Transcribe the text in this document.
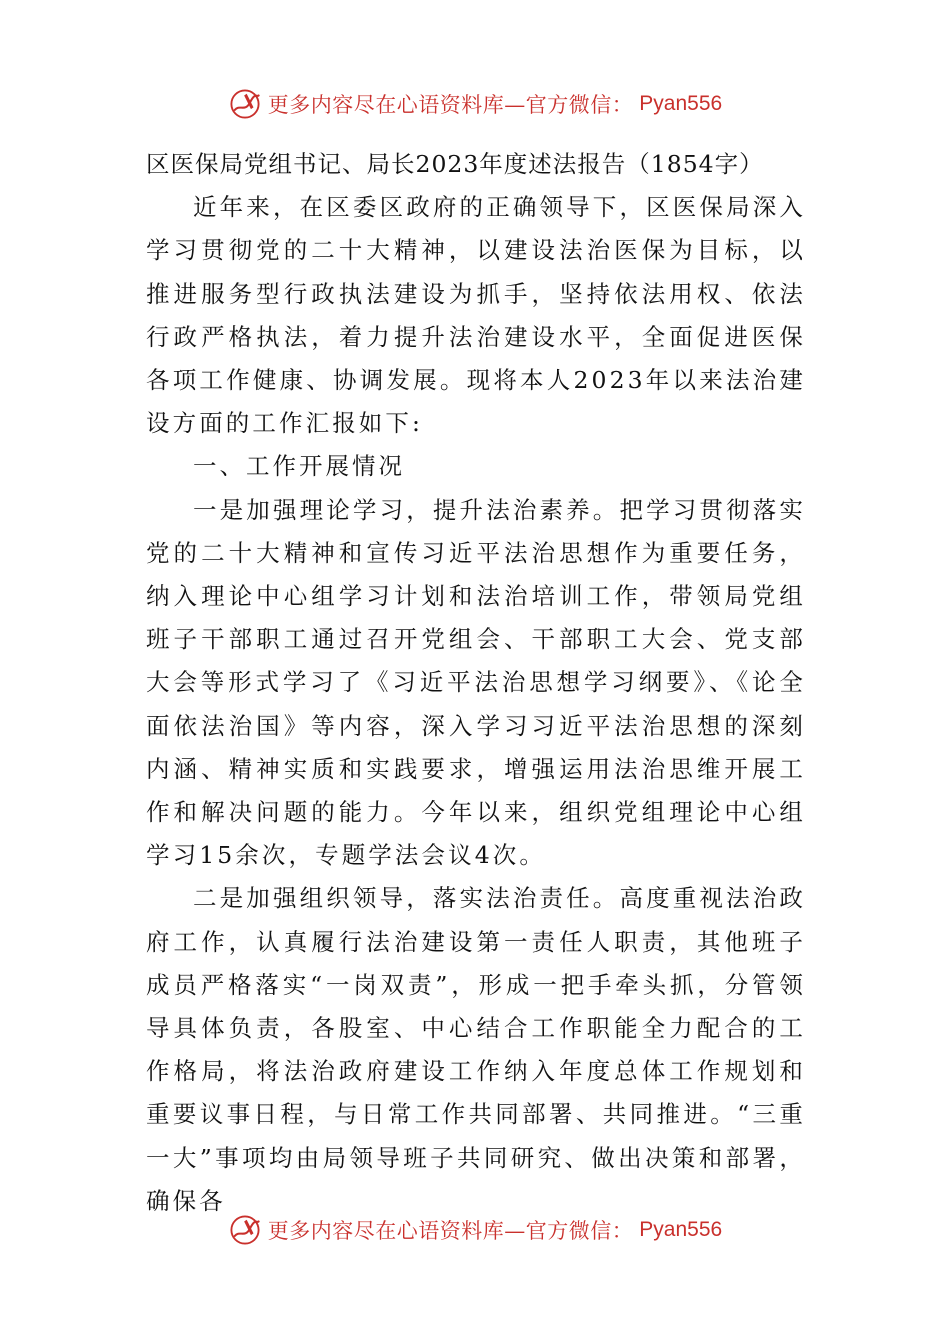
更多内容尽在心语资料库—官方微信： Pyan556
区医保局党组书记、局长2023年度述法报告（1854字）

近年来，在区委区政府的正确领导下，区医保局深入学习贯彻党的二十大精神，以建设法治医保为目标，以推进服务型行政执法建设为抓手，坚持依法用权、依法行政严格执法，着力提升法治建设水平，全面促进医保各项工作健康、协调发展。现将本人2023年以来法治建设方面的工作汇报如下:

一、工作开展情况

一是加强理论学习，提升法治素养。把学习贯彻落实党的二十大精神和宣传习近平法治思想作为重要任务，纳入理论中心组学习计划和法治培训工作，带领局党组班子干部职工通过召开党组会、干部职工大会、党支部大会等形式学习了《习近平法治思想学习纲要》、《论全面依法治国》等内容，深入学习习近平法治思想的深刻内涵、精神实质和实践要求，增强运用法治思维开展工作和解决问题的能力。今年以来，组织党组理论中心组学习15余次，专题学法会议4次。

二是加强组织领导，落实法治责任。高度重视法治政府工作，认真履行法治建设第一责任人职责，其他班子成员严格落实“一岗双责”，形成一把手牵头抓，分管领导具体负责，各股室、中心结合工作职能全力配合的工作格局，将法治政府建设工作纳入年度总体工作规划和重要议事日程，与日常工作共同部署、共同推进。“三重一大”事项均由局领导班子共同研究、做出决策和部署，确保各

更多内容尽在心语资料库—官方微信： Pyan556
